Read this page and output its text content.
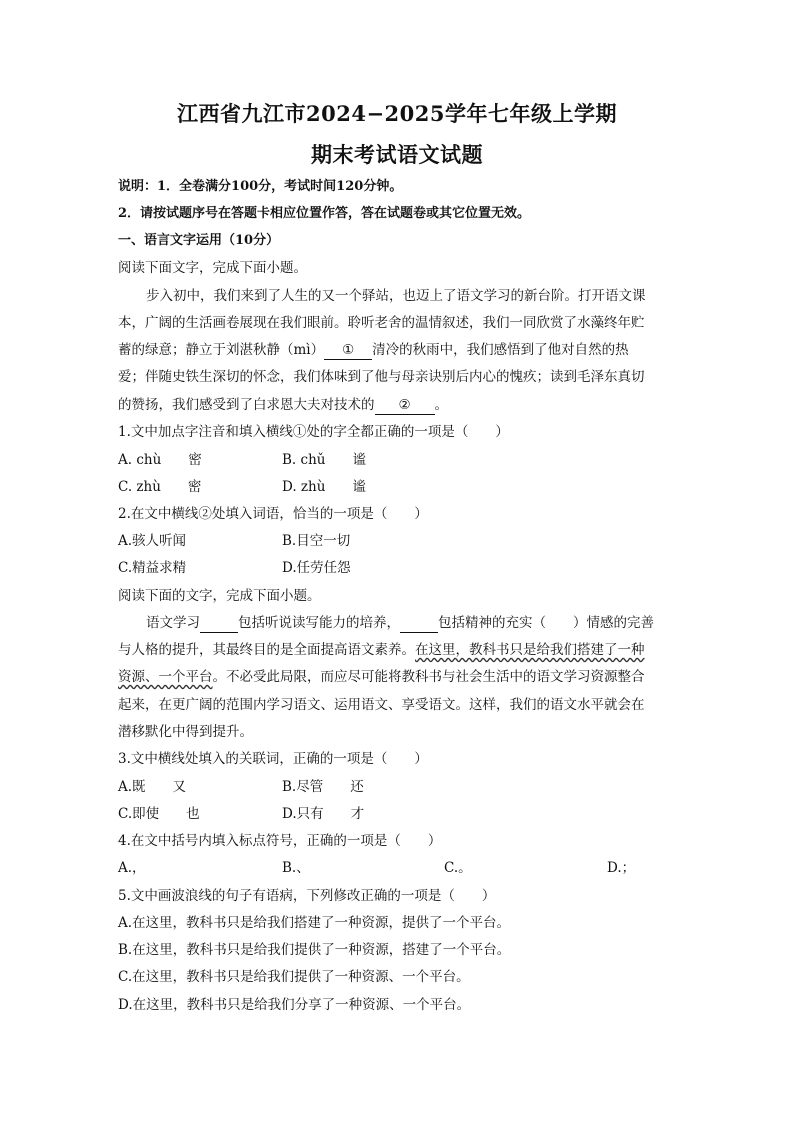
江西省九江市2024−2025学年七年级上学期
期末考试语文试题
说明：1．全卷满分100分，考试时间120分钟。
2．请按试题序号在答题卡相应位置作答，答在试题卷或其它位置无效。
一、语言文字运用（10分）
阅读下面文字，完成下面小题。
步入初中，我们来到了人生的又一个驿站，也迈上了语文学习的新台阶。打开语文课
本，广阔的生活画卷展现在我们眼前。聆听老舍的温情叙述，我们一同欣赏了水藻终年贮
蓄的绿意；静立于刘湛秋静（mì） ① 清冷的秋雨中，我们感悟到了他对自然的热
爱；伴随史铁生深切的怀念，我们体味到了他与母亲诀别后内心的愧疚；读到毛泽东真切
的赞扬，我们感受到了白求恩大夫对技术的 ② 。
1.文中加点字注音和填入横线①处的字全都正确的一项是（　　）
A. chù　　密	B. chǔ　　谧
C. zhù　　密	D. zhù　　谧
2.在文中横线②处填入词语，恰当的一项是（　　）
A.骇人听闻	B.目空一切
C.精益求精	D.任劳任怨
阅读下面的文字，完成下面小题。
语文学习	包括听说读写能力的培养，	包括精神的充实（　　）情感的完善
与人格的提升，其最终目的是全面提高语文素养。在这里，教科书只是给我们搭建了一种
资源、一个平台。不必受此局限，而应尽可能将教科书与社会生活中的语文学习资源整合
起来，在更广阔的范围内学习语文、运用语文、享受语文。这样，我们的语文水平就会在
潜移默化中得到提升。
3.文中横线处填入的关联词，正确的一项是（　　）
A.既　　又	B.尽管　　还
C.即使　　也	D.只有　　才
4.在文中括号内填入标点符号，正确的一项是（　　）
A.，	B.、	C.。	D.；
5.文中画波浪线的句子有语病，下列修改正确的一项是（　　）
A.在这里，教科书只是给我们搭建了一种资源，提供了一个平台。
B.在这里，教科书只是给我们提供了一种资源，搭建了一个平台。
C.在这里，教科书只是给我们提供了一种资源、一个平台。
D.在这里，教科书只是给我们分享了一种资源、一个平台。
